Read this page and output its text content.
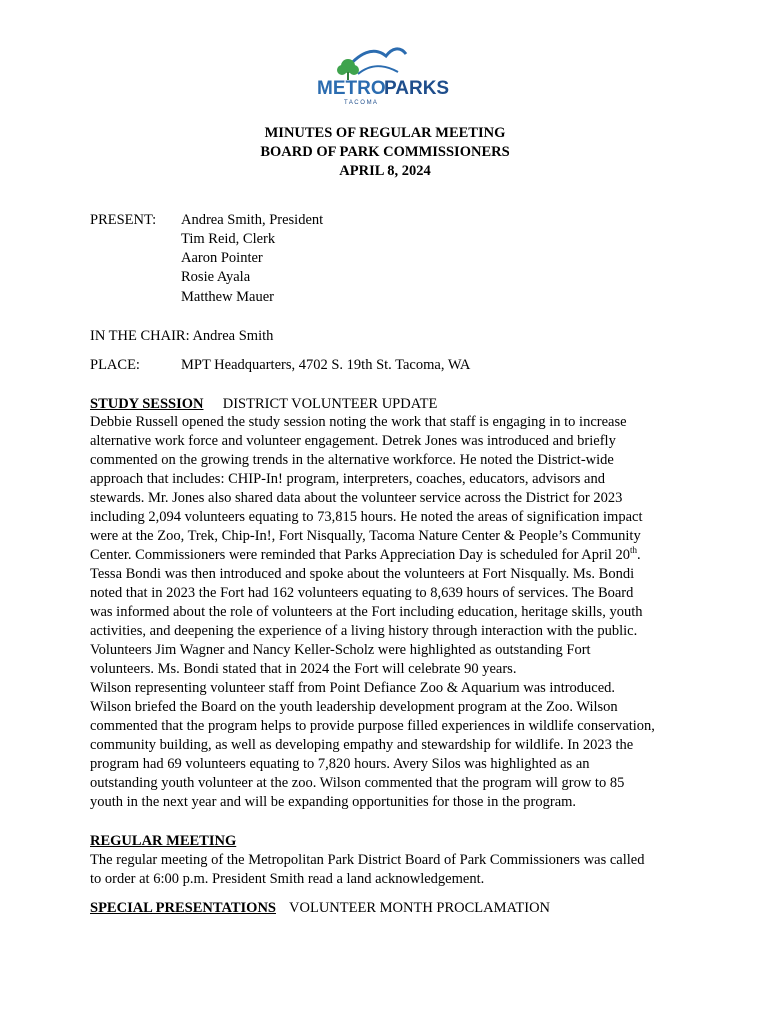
METRO
PARKS
T A C O M A
MINUTES OF REGULAR MEETING
BOARD OF PARK COMMISSIONERS
APRIL 8, 2024
PRESENT: Andrea Smith, President
Tim Reid, Clerk
Aaron Pointer
Rosie Ayala
Matthew Mauer
IN THE CHAIR: Andrea Smith
PLACE:	MPT Headquarters, 4702 S. 19th St. Tacoma, WA
STUDY SESSION DISTRICT VOLUNTEER UPDATE
Debbie Russell opened the study session noting the work that staff is engaging in to increase
alternative work force and volunteer engagement. Detrek Jones was introduced and briefly
commented on the growing trends in the alternative workforce. He noted the District-wide
approach that includes: CHIP-In! program, interpreters, coaches, educators, advisors and
stewards. Mr. Jones also shared data about the volunteer service across the District for 2023
including 2,094 volunteers equating to 73,815 hours. He noted the areas of signification impact
were at the Zoo, Trek, Chip-In!, Fort Nisqually, Tacoma Nature Center & People’s Community
Center. Commissioners were reminded that Parks Appreciation Day is scheduled for April 20th.
Tessa Bondi was then introduced and spoke about the volunteers at Fort Nisqually. Ms. Bondi
noted that in 2023 the Fort had 162 volunteers equating to 8,639 hours of services. The Board
was informed about the role of volunteers at the Fort including education, heritage skills, youth
activities, and deepening the experience of a living history through interaction with the public.
Volunteers Jim Wagner and Nancy Keller-Scholz were highlighted as outstanding Fort
volunteers. Ms. Bondi stated that in 2024 the Fort will celebrate 90 years.
Wilson representing volunteer staff from Point Defiance Zoo & Aquarium was introduced.
Wilson briefed the Board on the youth leadership development program at the Zoo. Wilson
commented that the program helps to provide purpose filled experiences in wildlife conservation,
community building, as well as developing empathy and stewardship for wildlife. In 2023 the
program had 69 volunteers equating to 7,820 hours. Avery Silos was highlighted as an
outstanding youth volunteer at the zoo. Wilson commented that the program will grow to 85
youth in the next year and will be expanding opportunities for those in the program.
REGULAR MEETING
The regular meeting of the Metropolitan Park District Board of Park Commissioners was called
to order at 6:00 p.m. President Smith read a land acknowledgement.
SPECIAL PRESENTATIONS VOLUNTEER MONTH PROCLAMATION
